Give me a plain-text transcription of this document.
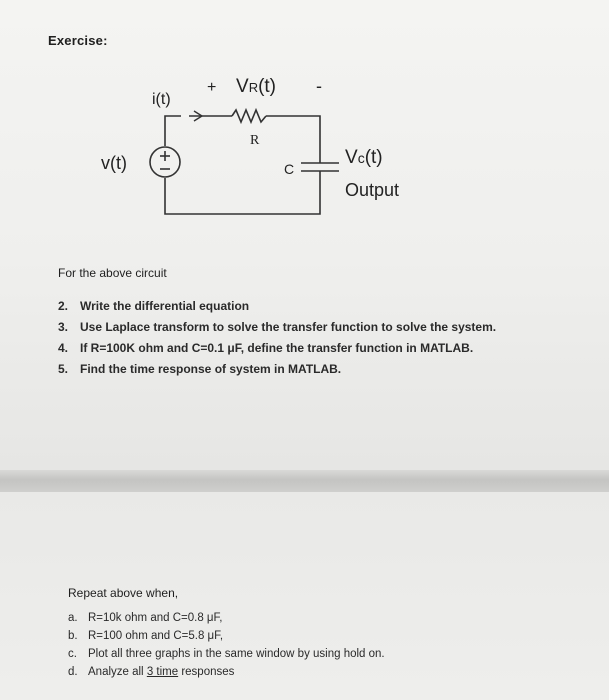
Exercise:
i(t)
+	-
VR(t)
R
v(t)	C
Vc(t)
Output
For the above circuit
2. Write the differential equation
3. Use Laplace transform to solve the transfer function to solve the system.
4. If R=100K ohm and C=0.1 μF, define the transfer function in MATLAB.
5. Find the time response of system in MATLAB.
Repeat above when,
a. R=10k ohm and C=0.8 μF,
b. R=100 ohm and C=5.8 μF,
c. Plot all three graphs in the same window by using hold on.
d. Analyze all 3 time responses
